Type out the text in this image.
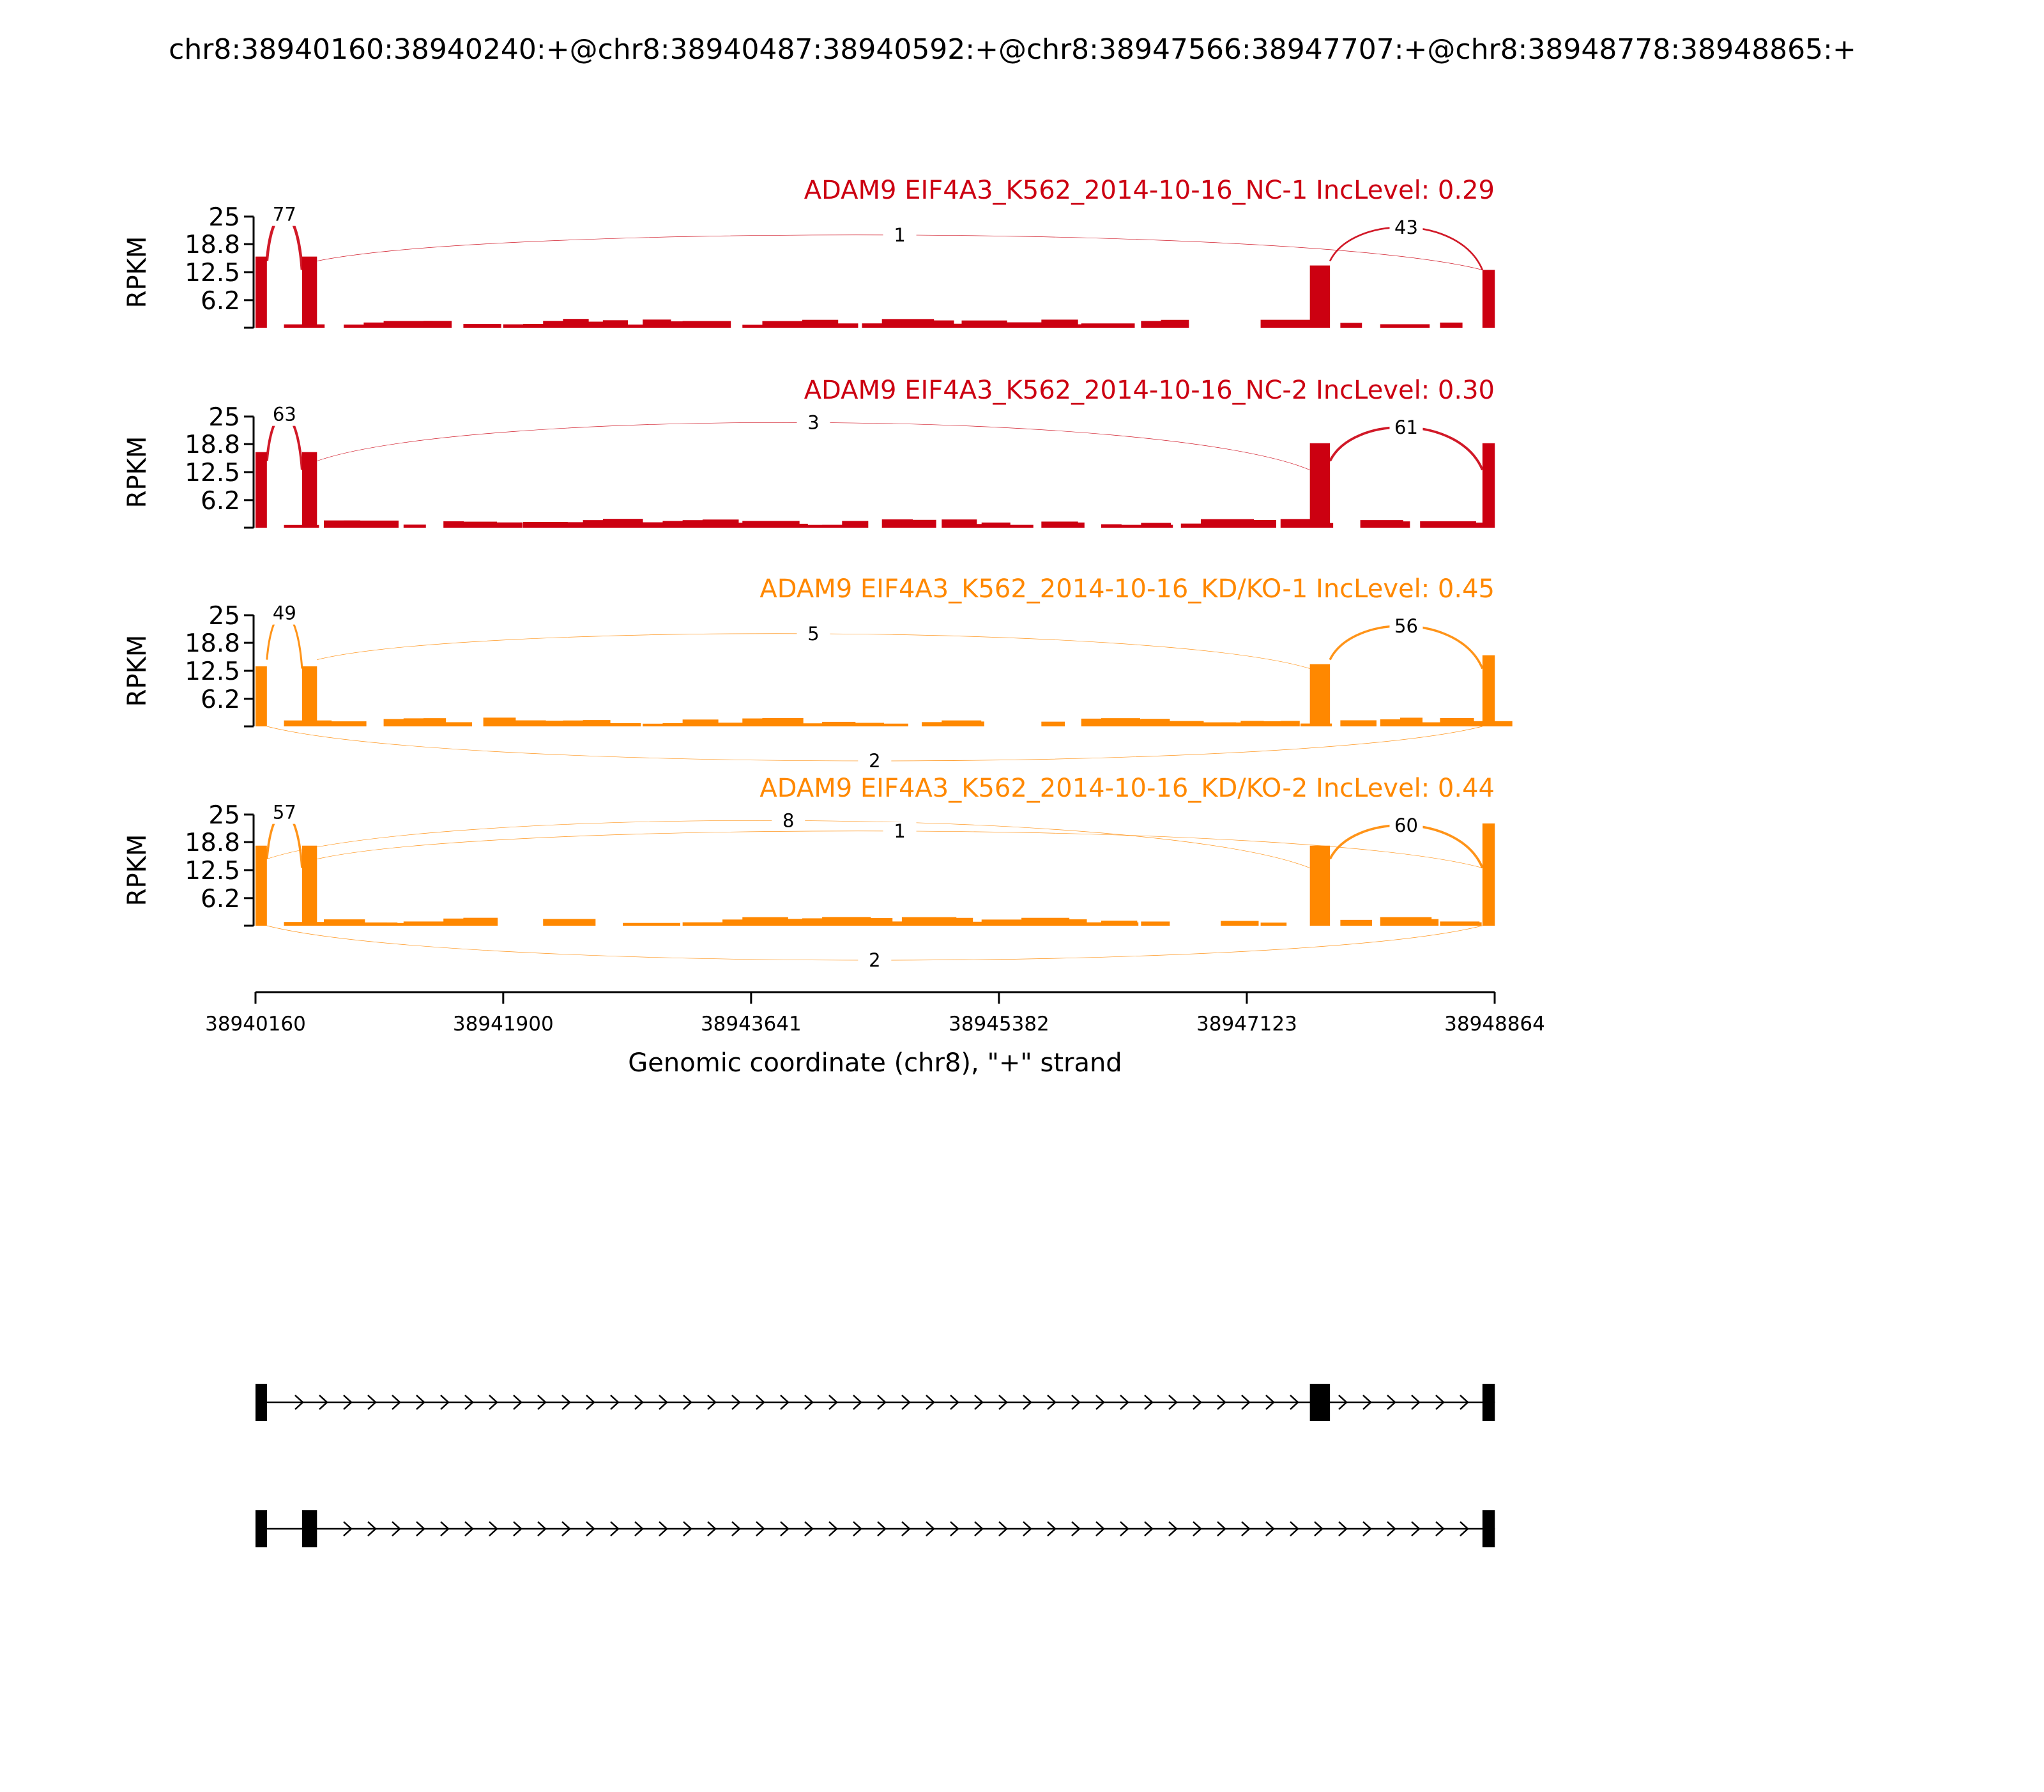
chr8:38940160:38940240:+@chr8:38940487:38940592:+@chr8:38947566:38947707:+@chr8:38948778:38948865:+
6.2
12.5
18.8
25
RPKM
ADAM9 EIF4A3_K562_2014-10-16_NC-1 IncLevel: 0.29
77
1	43
6.2
12.5
18.8
25
RPKM
ADAM9 EIF4A3_K562_2014-10-16_NC-2 IncLevel: 0.30
63	3	61
6.2
12.5
18.8
25
RPKM
ADAM9 EIF4A3_K562_2014-10-16_KD/KO-1 IncLevel: 0.45
49
5	56
2
6.2
12.5
18.8
25
RPKM
ADAM9 EIF4A3_K562_2014-10-16_KD/KO-2 IncLevel: 0.44
57	8	1	60
2
38940160	38941900	38943641	38945382	38947123	38948864
Genomic coordinate (chr8), "+" strand
